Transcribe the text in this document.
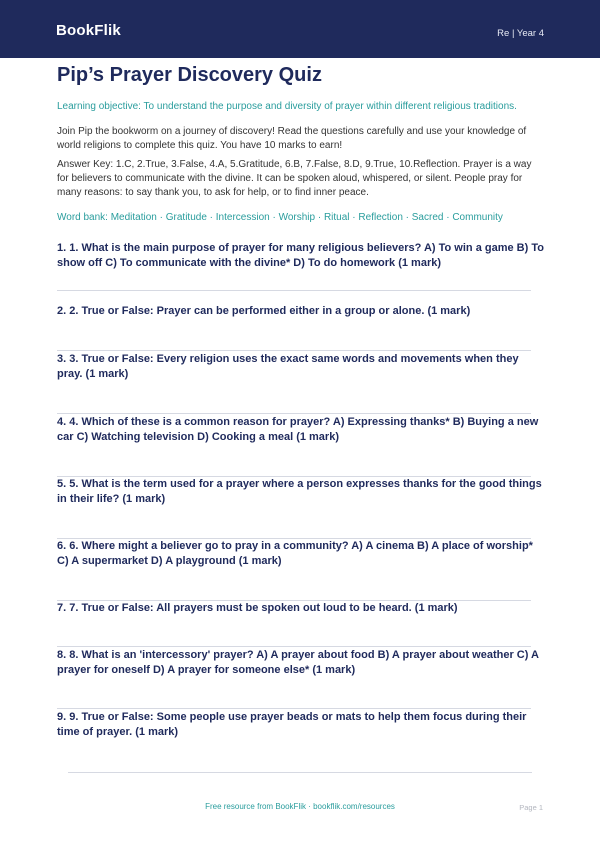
BookFlik	Re | Year 4
Pip’s Prayer Discovery Quiz
Learning objective: To understand the purpose and diversity of prayer within different religious traditions.
Join Pip the bookworm on a journey of discovery! Read the questions carefully and use your knowledge of world religions to complete this quiz. You have 10 marks to earn!
Answer Key: 1.C, 2.True, 3.False, 4.A, 5.Gratitude, 6.B, 7.False, 8.D, 9.True, 10.Reflection. Prayer is a way for believers to communicate with the divine. It can be spoken aloud, whispered, or silent. People pray for many reasons: to say thank you, to ask for help, or to find inner peace.
Word bank: Meditation · Gratitude · Intercession · Worship · Ritual · Reflection · Sacred · Community
1. 1. What is the main purpose of prayer for many religious believers? A) To win a game B) To show off C) To communicate with the divine* D) To do homework (1 mark)
2. 2. True or False: Prayer can be performed either in a group or alone. (1 mark)
3. 3. True or False: Every religion uses the exact same words and movements when they pray. (1 mark)
4. 4. Which of these is a common reason for prayer? A) Expressing thanks* B) Buying a new car C) Watching television D) Cooking a meal (1 mark)
5. 5. What is the term used for a prayer where a person expresses thanks for the good things in their life? (1 mark)
6. 6. Where might a believer go to pray in a community? A) A cinema B) A place of worship* C) A supermarket D) A playground (1 mark)
7. 7. True or False: All prayers must be spoken out loud to be heard. (1 mark)
8. 8. What is an 'intercessory' prayer? A) A prayer about food B) A prayer about weather C) A prayer for oneself D) A prayer for someone else* (1 mark)
9. 9. True or False: Some people use prayer beads or mats to help them focus during their time of prayer. (1 mark)
Free resource from BookFlik · bookflik.com/resources	Page 1
